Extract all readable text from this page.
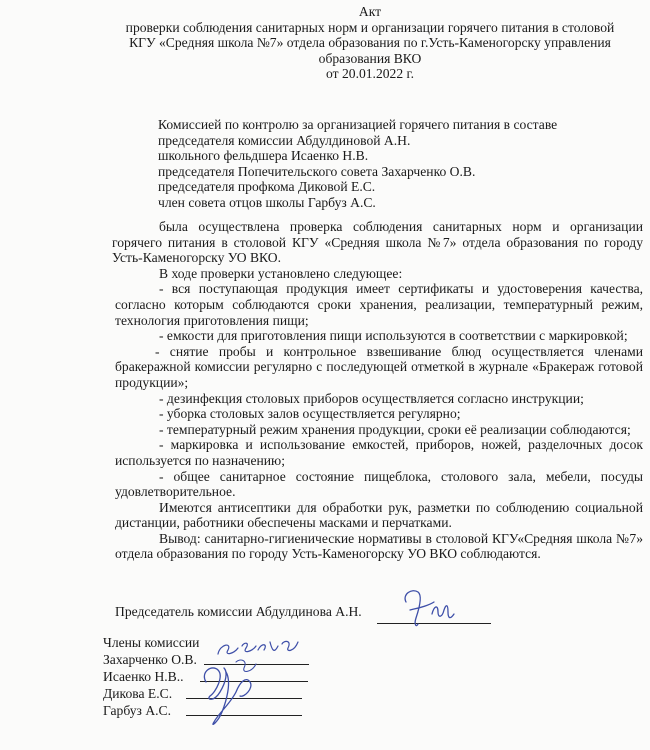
Акт
проверки соблюдения санитарных норм и организации горячего питания в столовой
КГУ «Средняя школа №7» отдела образования по г.Усть-Каменогорску управления
образования ВКО
от 20.01.2022 г.
Комиссией по контролю за организацией горячего питания в составе
председателя комиссии Абдулдиновой А.Н.
школьного фельдшера Исаенко Н.В.
председателя Попечительского совета Захарченко О.В.
председателя профкома Диковой Е.С.
член совета отцов школы Гарбуз А.С.

была осуществлена проверка соблюдения санитарных норм и организации горячего питания в столовой КГУ «Средняя школа №7» отдела образования по городу Усть-Каменогорску УО ВКО.

В ходе проверки установлено следующее:

- вся поступающая продукция имеет сертификаты и удостоверения качества, согласно которым соблюдаются сроки хранения, реализации, температурный режим, технология приготовления пищи;

- емкости для приготовления пищи используются в соответствии с маркировкой;

- снятие пробы и контрольное взвешивание блюд осуществляется членами бракеражной комиссии регулярно с последующей отметкой в журнале «Бракераж готовой продукции»;

- дезинфекция столовых приборов осуществляется согласно инструкции;

- уборка столовых залов осуществляется регулярно;

- температурный режим хранения продукции, сроки её реализации соблюдаются;

- маркировка и использование емкостей, приборов, ножей, разделочных досок используется по назначению;

- общее санитарное состояние пищеблока, столового зала, мебели, посуды удовлетворительное.

Имеются антисептики для обработки рук, разметки по соблюдению социальной дистанции, работники обеспечены масками и перчатками.

Вывод: санитарно-гигиенические нормативы в столовой КГУ«Средняя школа №7» отдела образования по городу Усть-Каменогорску УО ВКО соблюдаются.

Председатель комиссии Абдулдинова А.Н.
Члены комиссии
Захарченко О.В.
Исаенко Н.В..
Дикова Е.С.
Гарбуз А.С.
